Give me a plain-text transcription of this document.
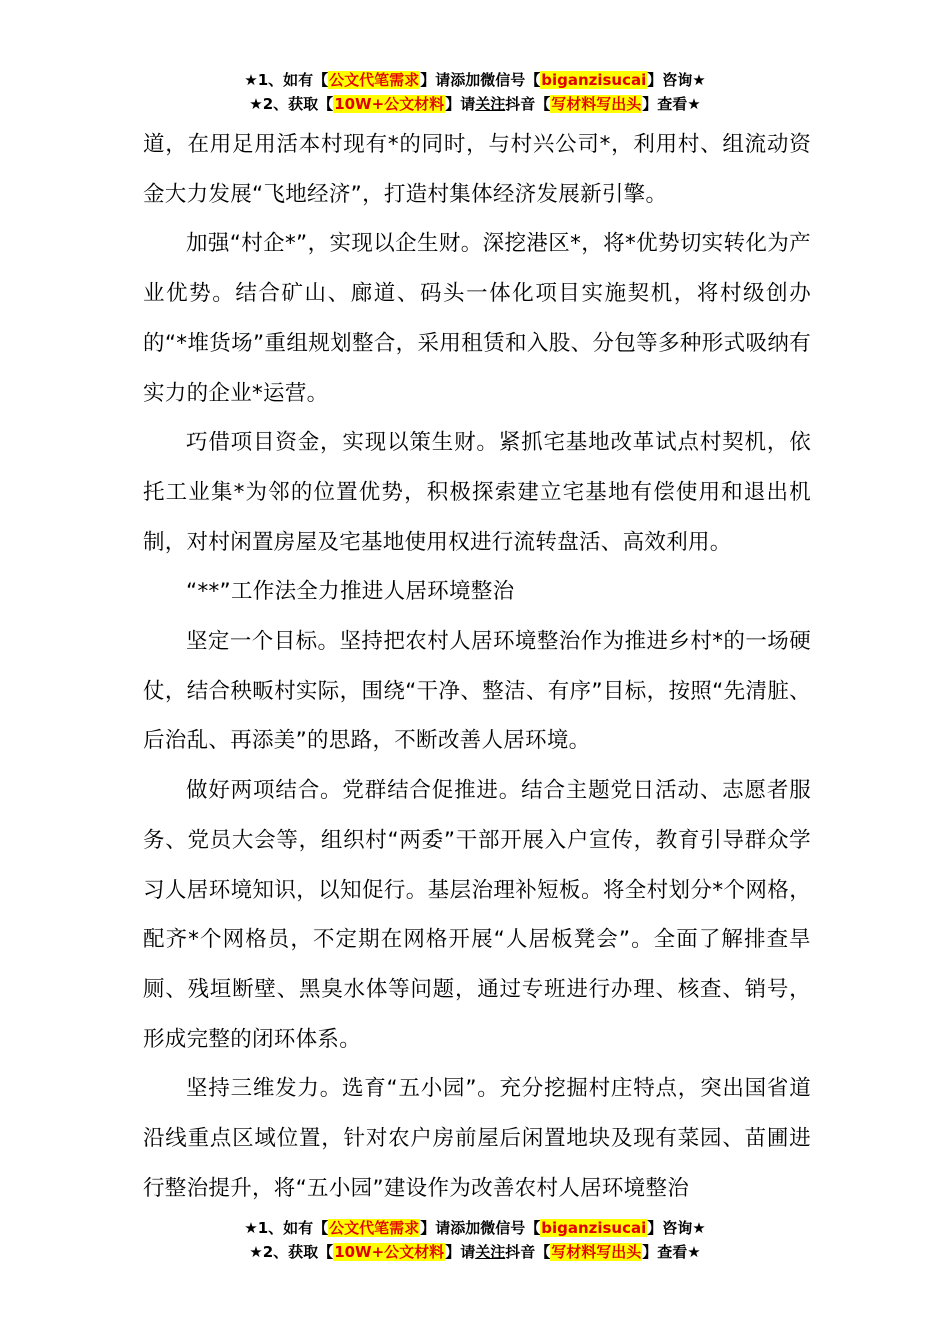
★1、如有【公文代笔需求】请添加微信号【biganzisucai】咨询★
★2、获取【10W+公文材料】请关注抖音【写材料写出头】查看★

道，在用足用活本村现有*的同时，与村兴公司*，利用村、组流动资金大力发展“飞地经济”，打造村集体经济发展新引擎。

加强“村企*”，实现以企生财。深挖港区*，将*优势切实转化为产业优势。结合矿山、廊道、码头一体化项目实施契机，将村级创办的“*堆货场”重组规划整合，采用租赁和入股、分包等多种形式吸纳有实力的企业*运营。

巧借项目资金，实现以策生财。紧抓宅基地改革试点村契机，依托工业集*为邻的位置优势，积极探索建立宅基地有偿使用和退出机制，对村闲置房屋及宅基地使用权进行流转盘活、高效利用。

“**”工作法全力推进人居环境整治

坚定一个目标。坚持把农村人居环境整治作为推进乡村*的一场硬仗，结合秧畈村实际，围绕“干净、整洁、有序”目标，按照“先清脏、后治乱、再添美”的思路，不断改善人居环境。

做好两项结合。党群结合促推进。结合主题党日活动、志愿者服务、党员大会等，组织村“两委”干部开展入户宣传，教育引导群众学习人居环境知识，以知促行。基层治理补短板。将全村划分*个网格，配齐*个网格员，不定期在网格开展“人居板凳会”。全面了解排查旱厕、残垣断壁、黑臭水体等问题，通过专班进行办理、核查、销号，形成完整的闭环体系。

坚持三维发力。选育“五小园”。充分挖掘村庄特点，突出国省道沿线重点区域位置，针对农户房前屋后闲置地块及现有菜园、苗圃进行整治提升，将“五小园”建设作为改善农村人居环境整治

★1、如有【公文代笔需求】请添加微信号【biganzisucai】咨询★
★2、获取【10W+公文材料】请关注抖音【写材料写出头】查看★
